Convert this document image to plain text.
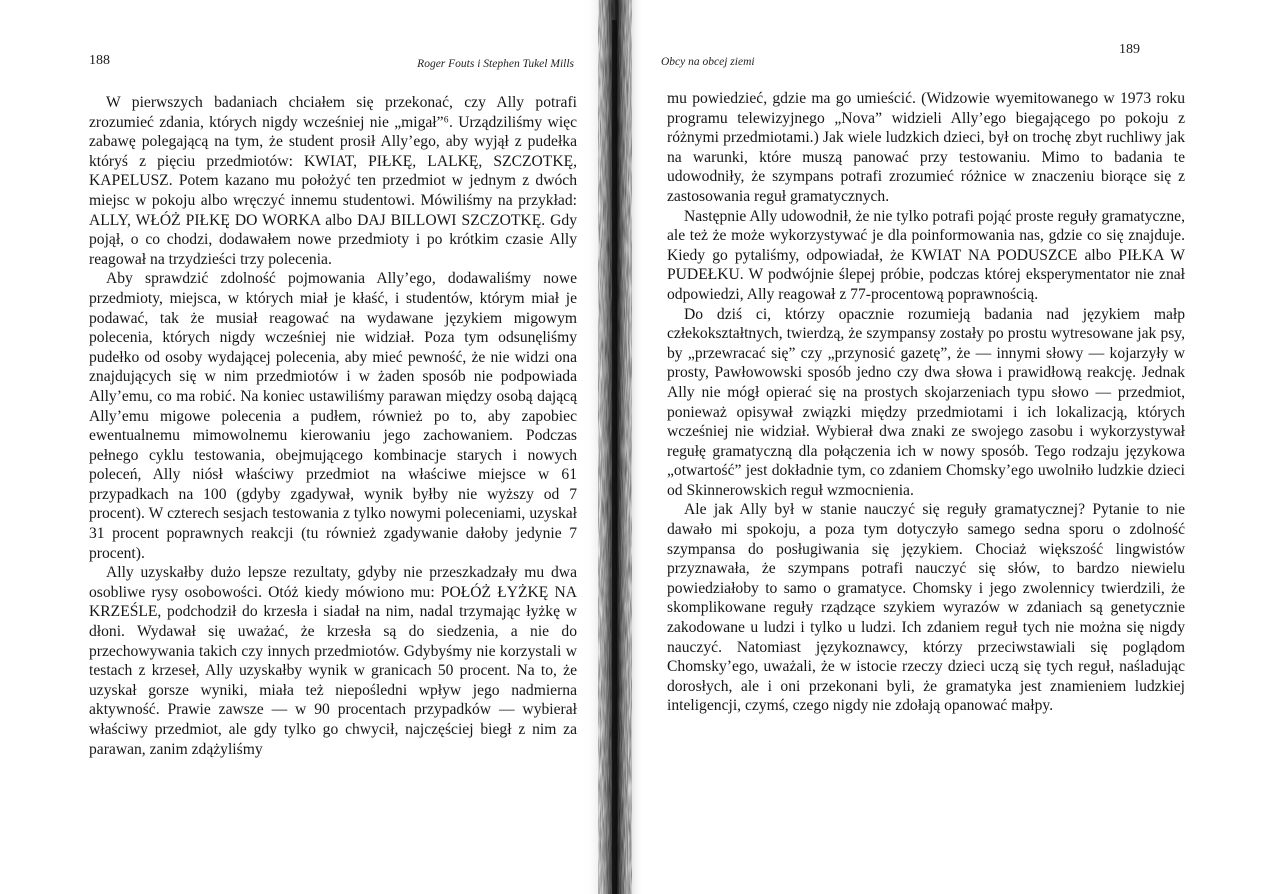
188	Roger Fouts i Stephen Tukel Mills

W pierwszych badaniach chciałem się przekonać, czy Ally potrafi zrozumieć zdania, których nigdy wcześniej nie „migał”⁶. Urządziliśmy więc zabawę polegającą na tym, że student prosił Ally’ego, aby wyjął z pudełka któryś z pięciu przedmiotów: KWIAT, PIŁKĘ, LALKĘ, SZCZOTKĘ, KAPELUSZ. Potem kazano mu położyć ten przedmiot w jednym z dwóch miejsc w pokoju albo wręczyć innemu studentowi. Mówiliśmy na przykład: ALLY, WŁÓŻ PIŁKĘ DO WORKA albo DAJ BILLOWI SZCZOTKĘ. Gdy pojął, o co chodzi, dodawałem nowe przedmioty i po krótkim czasie Ally reagował na trzydzieści trzy polecenia.

Aby sprawdzić zdolność pojmowania Ally’ego, dodawaliśmy nowe przedmioty, miejsca, w których miał je kłaść, i studentów, którym miał je podawać, tak że musiał reagować na wydawane językiem migowym polecenia, których nigdy wcześniej nie widział. Poza tym odsunęliśmy pudełko od osoby wydającej polecenia, aby mieć pewność, że nie widzi ona znajdujących się w nim przedmiotów i w żaden sposób nie podpowiada Ally’emu, co ma robić. Na koniec ustawiliśmy parawan między osobą dającą Ally’emu migowe polecenia a pudłem, również po to, aby zapobiec ewentualnemu mimowolnemu kierowaniu jego zachowaniem. Podczas pełnego cyklu testowania, obejmującego kombinacje starych i nowych poleceń, Ally niósł właściwy przedmiot na właściwe miejsce w 61 przypadkach na 100 (gdyby zgadywał, wynik byłby nie wyższy od 7 procent). W czterech sesjach testowania z tylko nowymi poleceniami, uzyskał 31 procent poprawnych reakcji (tu również zgadywanie dałoby jedynie 7 procent).

Ally uzyskałby dużo lepsze rezultaty, gdyby nie przeszkadzały mu dwa osobliwe rysy osobowości. Otóż kiedy mówiono mu: POŁÓŻ ŁYŻKĘ NA KRZEŚLE, podchodził do krzesła i siadał na nim, nadal trzymając łyżkę w dłoni. Wydawał się uważać, że krzesła są do siedzenia, a nie do przechowywania takich czy innych przedmiotów. Gdybyśmy nie korzystali w testach z krzeseł, Ally uzyskałby wynik w granicach 50 procent. Na to, że uzyskał gorsze wyniki, miała też niepośledni wpływ jego nadmierna aktywność. Prawie zawsze — w 90 procentach przypadków — wybierał właściwy przedmiot, ale gdy tylko go chwycił, najczęściej biegł z nim za parawan, zanim zdążyliśmy

Obcy na obcej ziemi
189

mu powiedzieć, gdzie ma go umieścić. (Widzowie wyemitowanego w 1973 roku programu telewizyjnego „Nova” widzieli Ally’ego biegającego po pokoju z różnymi przedmiotami.) Jak wiele ludzkich dzieci, był on trochę zbyt ruchliwy jak na warunki, które muszą panować przy testowaniu. Mimo to badania te udowodniły, że szympans potrafi zrozumieć różnice w znaczeniu biorące się z zastosowania reguł gramatycznych.

Następnie Ally udowodnił, że nie tylko potrafi pojąć proste reguły gramatyczne, ale też że może wykorzystywać je dla poinformowania nas, gdzie co się znajduje. Kiedy go pytaliśmy, odpowiadał, że KWIAT NA PODUSZCE albo PIŁKA W PUDEŁKU. W podwójnie ślepej próbie, podczas której eksperymentator nie znał odpowiedzi, Ally reagował z 77-procentową poprawnością.

Do dziś ci, którzy opacznie rozumieją badania nad językiem małp człekokształtnych, twierdzą, że szympansy zostały po prostu wytresowane jak psy, by „przewracać się” czy „przynosić gazetę”, że — innymi słowy — kojarzyły w prosty, Pawłowowski sposób jedno czy dwa słowa i prawidłową reakcję. Jednak Ally nie mógł opierać się na prostych skojarzeniach typu słowo — przedmiot, ponieważ opisywał związki między przedmiotami i ich lokalizacją, których wcześniej nie widział. Wybierał dwa znaki ze swojego zasobu i wykorzystywał regułę gramatyczną dla połączenia ich w nowy sposób. Tego rodzaju językowa „otwartość” jest dokładnie tym, co zdaniem Chomsky’ego uwolniło ludzkie dzieci od Skinnerowskich reguł wzmocnienia.

Ale jak Ally był w stanie nauczyć się reguły gramatycznej? Pytanie to nie dawało mi spokoju, a poza tym dotyczyło samego sedna sporu o zdolność szympansa do posługiwania się językiem. Chociaż większość lingwistów przyznawała, że szympans potrafi nauczyć się słów, to bardzo niewielu powiedziałoby to samo o gramatyce. Chomsky i jego zwolennicy twierdzili, że skomplikowane reguły rządzące szykiem wyrazów w zdaniach są genetycznie zakodowane u ludzi i tylko u ludzi. Ich zdaniem reguł tych nie można się nigdy nauczyć. Natomiast językoznawcy, którzy przeciwstawiali się poglądom Chomsky’ego, uważali, że w istocie rzeczy dzieci uczą się tych reguł, naśladując dorosłych, ale i oni przekonani byli, że gramatyka jest znamieniem ludzkiej inteligencji, czymś, czego nigdy nie zdołają opanować małpy.
